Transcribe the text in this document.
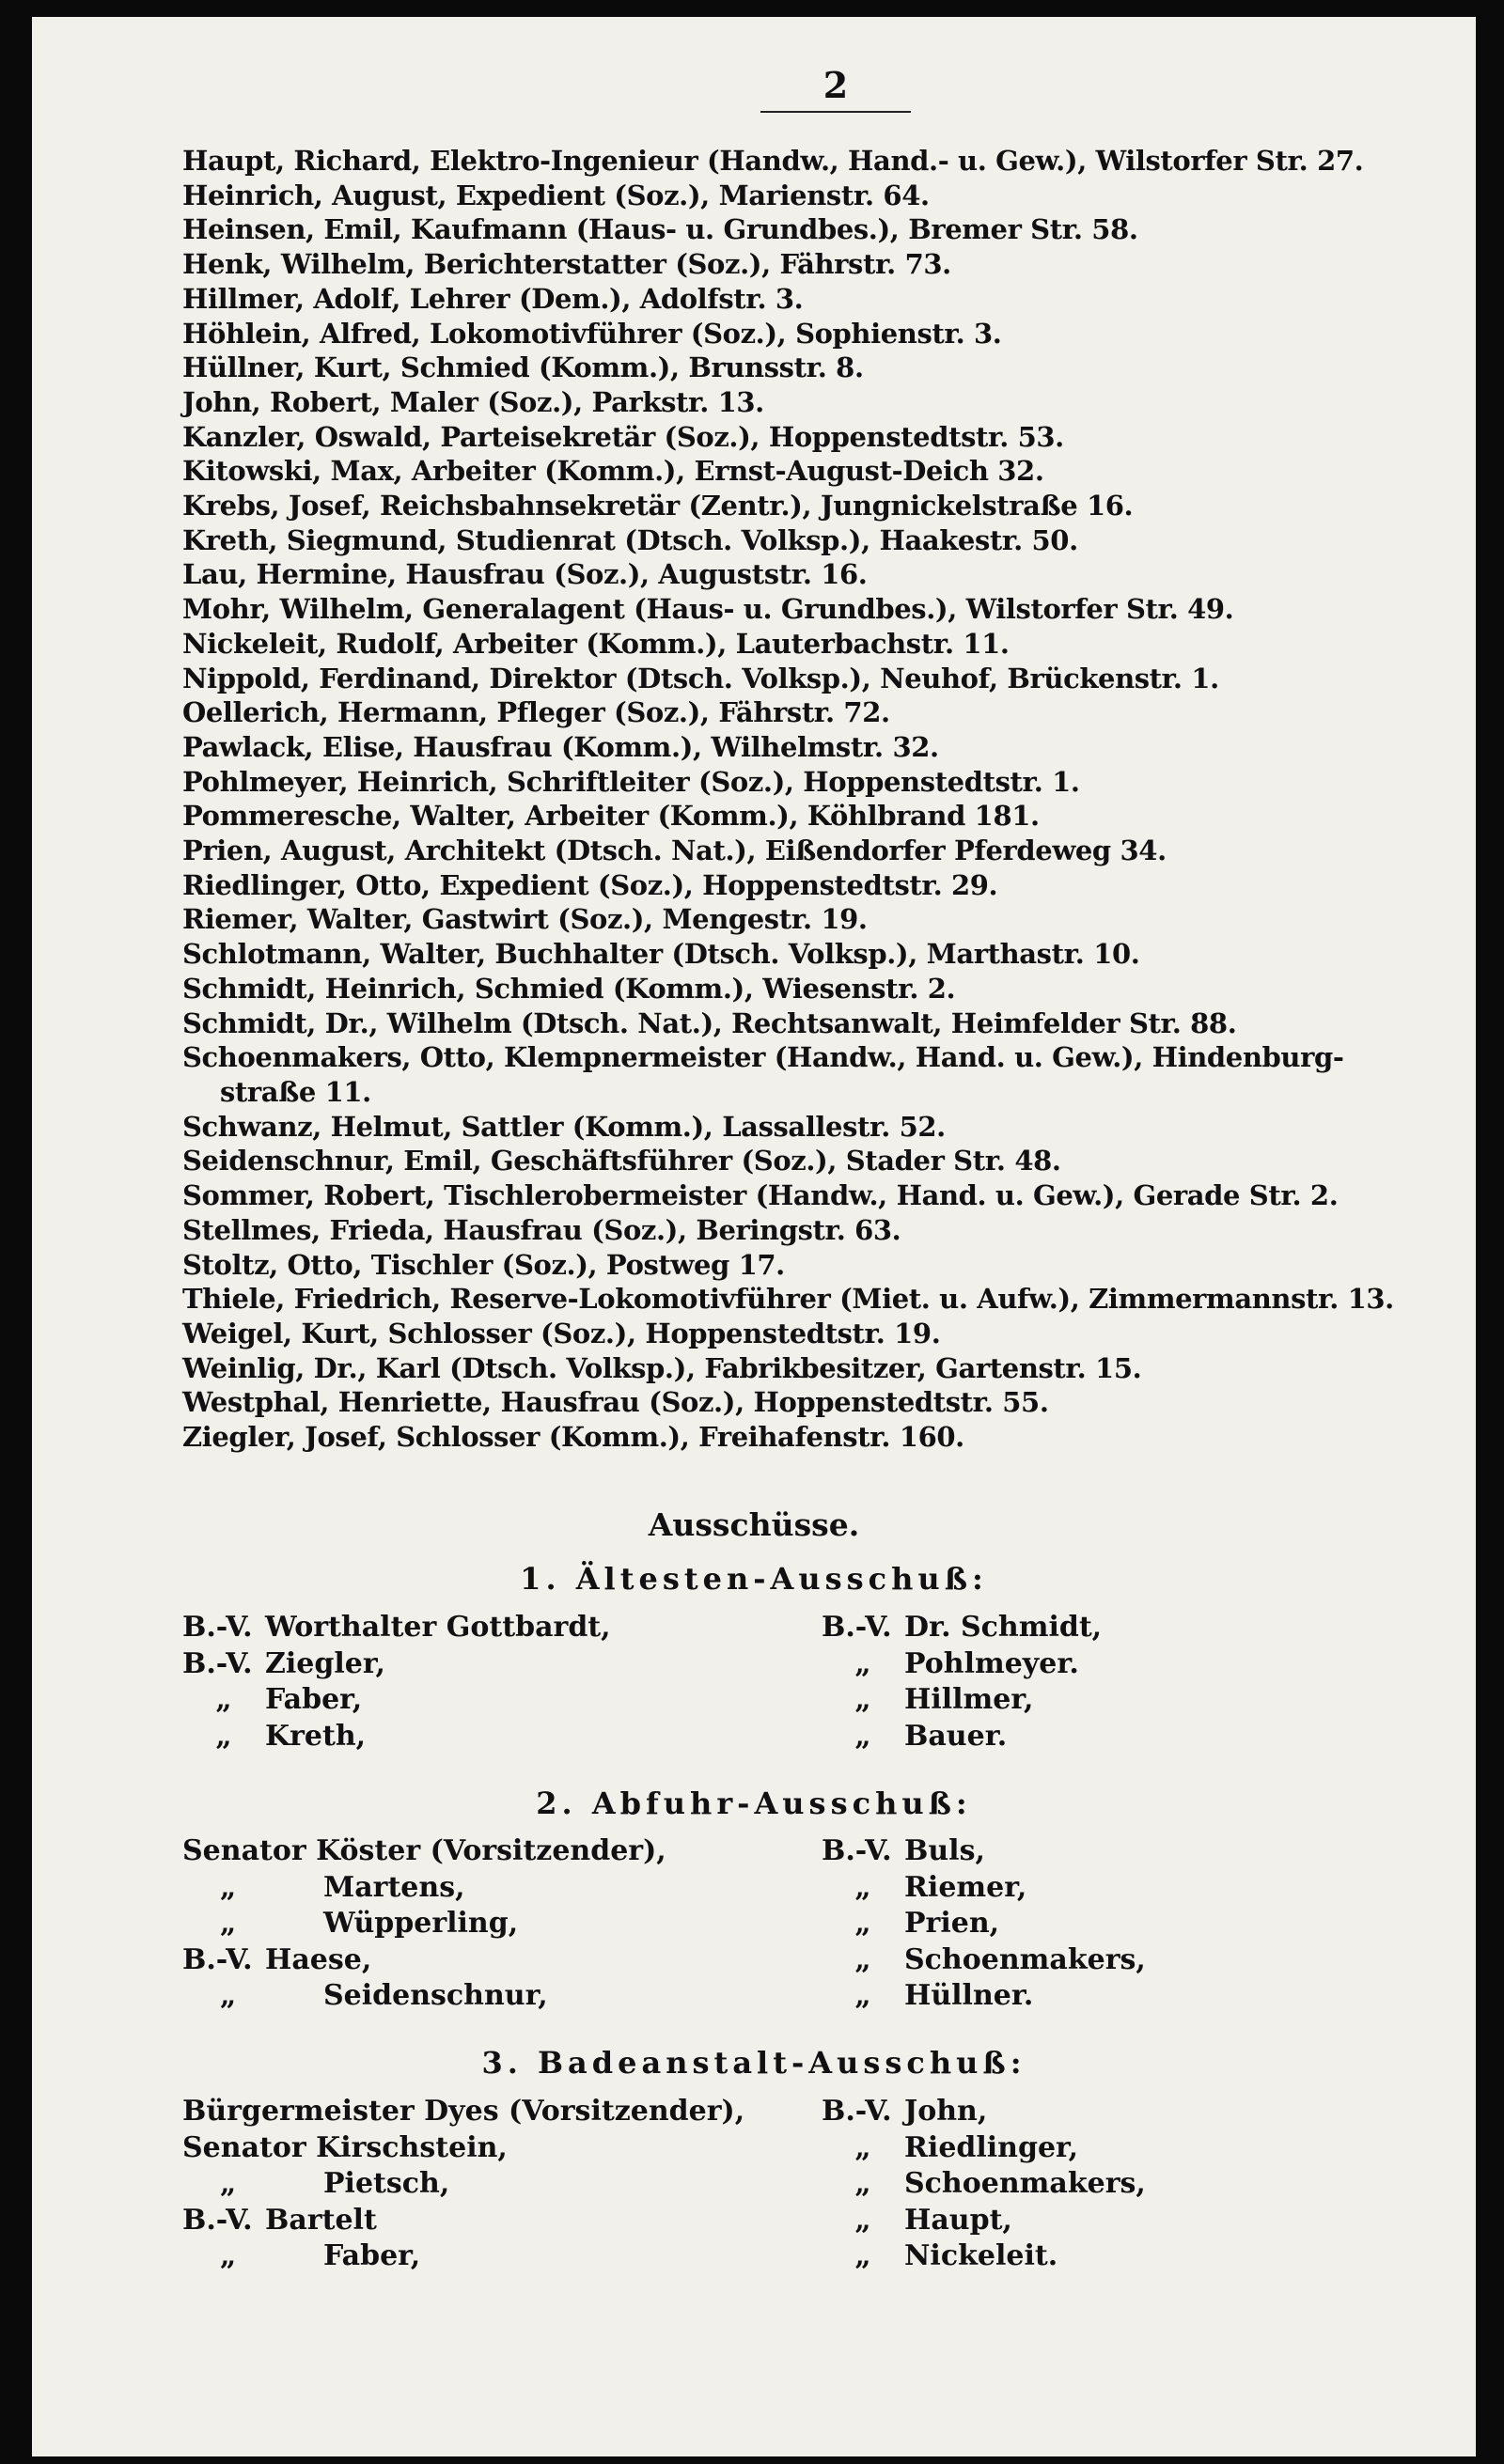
2
Haupt, Richard, Elektro-Ingenieur (Handw., Hand.- u. Gew.), Wilstorfer Str. 27.
Heinrich, August, Expedient (Soz.), Marienstr. 64.
Heinsen, Emil, Kaufmann (Haus- u. Grundbes.), Bremer Str. 58.
Henk, Wilhelm, Berichterstatter (Soz.), Fährstr. 73.
Hillmer, Adolf, Lehrer (Dem.), Adolfstr. 3.
Höhlein, Alfred, Lokomotivführer (Soz.), Sophienstr. 3.
Hüllner, Kurt, Schmied (Komm.), Brunsstr. 8.
John, Robert, Maler (Soz.), Parkstr. 13.
Kanzler, Oswald, Parteisekretär (Soz.), Hoppenstedtstr. 53.
Kitowski, Max, Arbeiter (Komm.), Ernst-August-Deich 32.
Krebs, Josef, Reichsbahnsekretär (Zentr.), Jungnickelstraße 16.
Kreth, Siegmund, Studienrat (Dtsch. Volksp.), Haakestr. 50.
Lau, Hermine, Hausfrau (Soz.), Auguststr. 16.
Mohr, Wilhelm, Generalagent (Haus- u. Grundbes.), Wilstorfer Str. 49.
Nickeleit, Rudolf, Arbeiter (Komm.), Lauterbachstr. 11.
Nippold, Ferdinand, Direktor (Dtsch. Volksp.), Neuhof, Brückenstr. 1.
Oellerich, Hermann, Pfleger (Soz.), Fährstr. 72.
Pawlack, Elise, Hausfrau (Komm.), Wilhelmstr. 32.
Pohlmeyer, Heinrich, Schriftleiter (Soz.), Hoppenstedtstr. 1.
Pommeresche, Walter, Arbeiter (Komm.), Köhlbrand 181.
Prien, August, Architekt (Dtsch. Nat.), Eißendorfer Pferdeweg 34.
Riedlinger, Otto, Expedient (Soz.), Hoppenstedtstr. 29.
Riemer, Walter, Gastwirt (Soz.), Mengestr. 19.
Schlotmann, Walter, Buchhalter (Dtsch. Volksp.), Marthastr. 10.
Schmidt, Heinrich, Schmied (Komm.), Wiesenstr. 2.
Schmidt, Dr., Wilhelm (Dtsch. Nat.), Rechtsanwalt, Heimfelder Str. 88.
Schoenmakers, Otto, Klempnermeister (Handw., Hand. u. Gew.), Hindenburg-
straße 11.
Schwanz, Helmut, Sattler (Komm.), Lassallestr. 52.
Seidenschnur, Emil, Geschäftsführer (Soz.), Stader Str. 48.
Sommer, Robert, Tischlerobermeister (Handw., Hand. u. Gew.), Gerade Str. 2.
Stellmes, Frieda, Hausfrau (Soz.), Beringstr. 63.
Stoltz, Otto, Tischler (Soz.), Postweg 17.
Thiele, Friedrich, Reserve-Lokomotivführer (Miet. u. Aufw.), Zimmermannstr. 13.
Weigel, Kurt, Schlosser (Soz.), Hoppenstedtstr. 19.
Weinlig, Dr., Karl (Dtsch. Volksp.), Fabrikbesitzer, Gartenstr. 15.
Westphal, Henriette, Hausfrau (Soz.), Hoppenstedtstr. 55.
Ziegler, Josef, Schlosser (Komm.), Freihafenstr. 160.
Ausschüsse.
1. Ältesten-Ausschuß:
B.-V. Worthalter Gottbardt,
B.-V. Ziegler,
„ Faber,
„ Kreth,
B.-V. Dr. Schmidt,
„ Pohlmeyer.
„ Hillmer,
„ Bauer.
2. Abfuhr-Ausschuß:
Senator Köster (Vorsitzender),
„	Martens,
„	Wüpperling,
B.-V. Haese,
„	Seidenschnur,
B.-V. Buls,
„ Riemer,
„ Prien,
„ Schoenmakers,
„ Hüllner.
3. Badeanstalt-Ausschuß:
Bürgermeister Dyes (Vorsitzender),
Senator Kirschstein,
„	Pietsch,
B.-V. Bartelt
„	Faber,
B.-V. John,
„ Riedlinger,
„ Schoenmakers,
„ Haupt,
„ Nickeleit.
